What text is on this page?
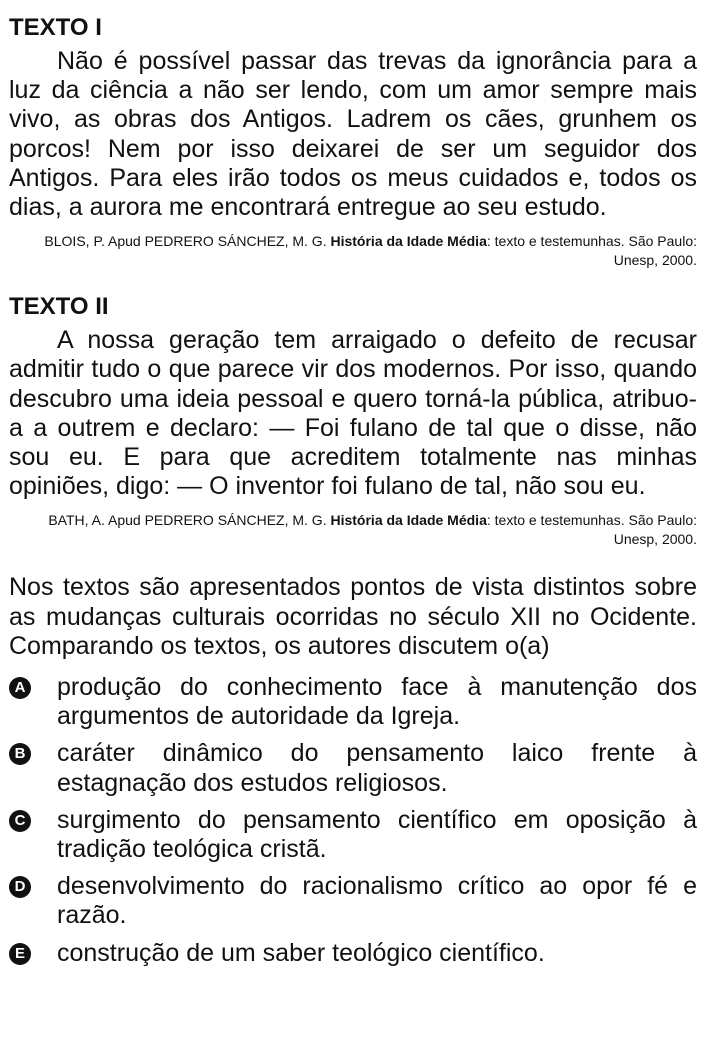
TEXTO I

Não é possível passar das trevas da ignorância para a luz da ciência a não ser lendo, com um amor sempre mais vivo, as obras dos Antigos. Ladrem os cães, grunhem os porcos! Nem por isso deixarei de ser um seguidor dos Antigos. Para eles irão todos os meus cuidados e, todos os dias, a aurora me encontrará entregue ao seu estudo.

BLOIS, P. Apud PEDRERO SÁNCHEZ, M. G. História da Idade Média: texto e testemunhas. São Paulo: Unesp, 2000.

TEXTO II

A nossa geração tem arraigado o defeito de recusar admitir tudo o que parece vir dos modernos. Por isso, quando descubro uma ideia pessoal e quero torná-la pública, atribuo-a a outrem e declaro: — Foi fulano de tal que o disse, não sou eu. E para que acreditem totalmente nas minhas opiniões, digo: — O inventor foi fulano de tal, não sou eu.

BATH, A. Apud PEDRERO SÁNCHEZ, M. G. História da Idade Média: texto e testemunhas. São Paulo: Unesp, 2000.

Nos textos são apresentados pontos de vista distintos sobre as mudanças culturais ocorridas no século XII no Ocidente. Comparando os textos, os autores discutem o(a)

A produção do conhecimento face à manutenção dos argumentos de autoridade da Igreja.
B caráter dinâmico do pensamento laico frente à estagnação dos estudos religiosos.
C surgimento do pensamento científico em oposição à tradição teológica cristã.
D desenvolvimento do racionalismo crítico ao opor fé e razão.
E construção de um saber teológico científico.
